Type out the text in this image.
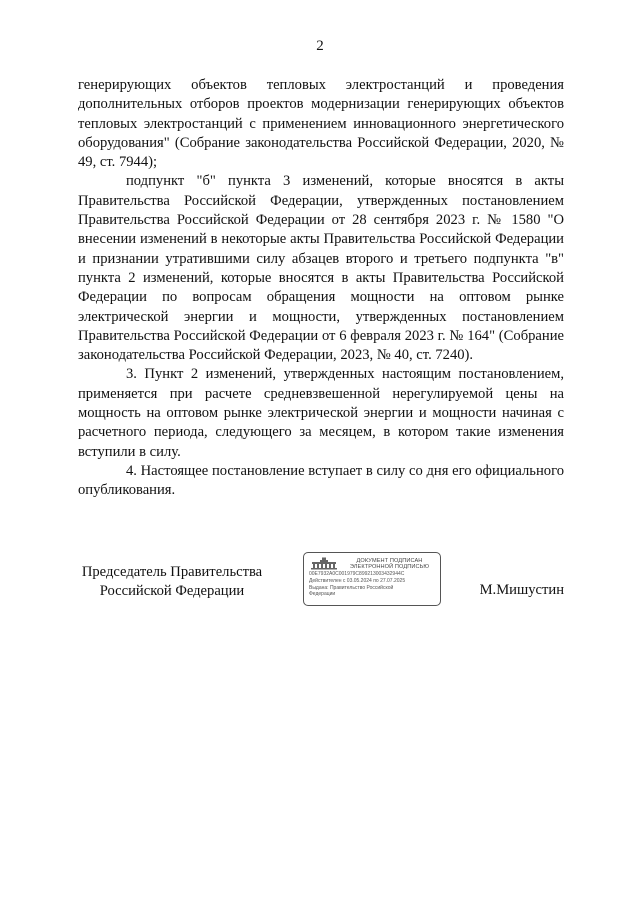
2

генерирующих объектов тепловых электростанций и проведения дополнительных отборов проектов модернизации генерирующих объектов тепловых электростанций с применением инновационного энергетического оборудования" (Собрание законодательства Российской Федерации, 2020, № 49, ст. 7944);

подпункт "б" пункта 3 изменений, которые вносятся в акты Правительства Российской Федерации, утвержденных постановлением Правительства Российской Федерации от 28 сентября 2023 г. № 1580 "О внесении изменений в некоторые акты Правительства Российской Федерации и признании утратившими силу абзацев второго и третьего подпункта "в" пункта 2 изменений, которые вносятся в акты Правительства Российской Федерации по вопросам обращения мощности на оптовом рынке электрической энергии и мощности, утвержденных постановлением Правительства Российской Федерации от 6 февраля 2023 г. № 164" (Собрание законодательства Российской Федерации, 2023, № 40, ст. 7240).

3. Пункт 2 изменений, утвержденных настоящим постановлением, применяется при расчете средневзвешенной нерегулируемой цены на мощность на оптовом рынке электрической энергии и мощности начиная с расчетного периода, следующего за месяцем, в котором такие изменения вступили в силу.

4. Настоящее постановление вступает в силу со дня его официального опубликования.

Председатель Правительства
Российской Федерации
ДОКУМЕНТ ПОДПИСАН
ЭЛЕКТРОННОЙ ПОДПИСЬЮ
00E7932A0C001979C899213003432944C
Действителен с 03.05.2024 по 27.07.2025
Выдана: Правительство Российской
Федерации	М.Мишустин
